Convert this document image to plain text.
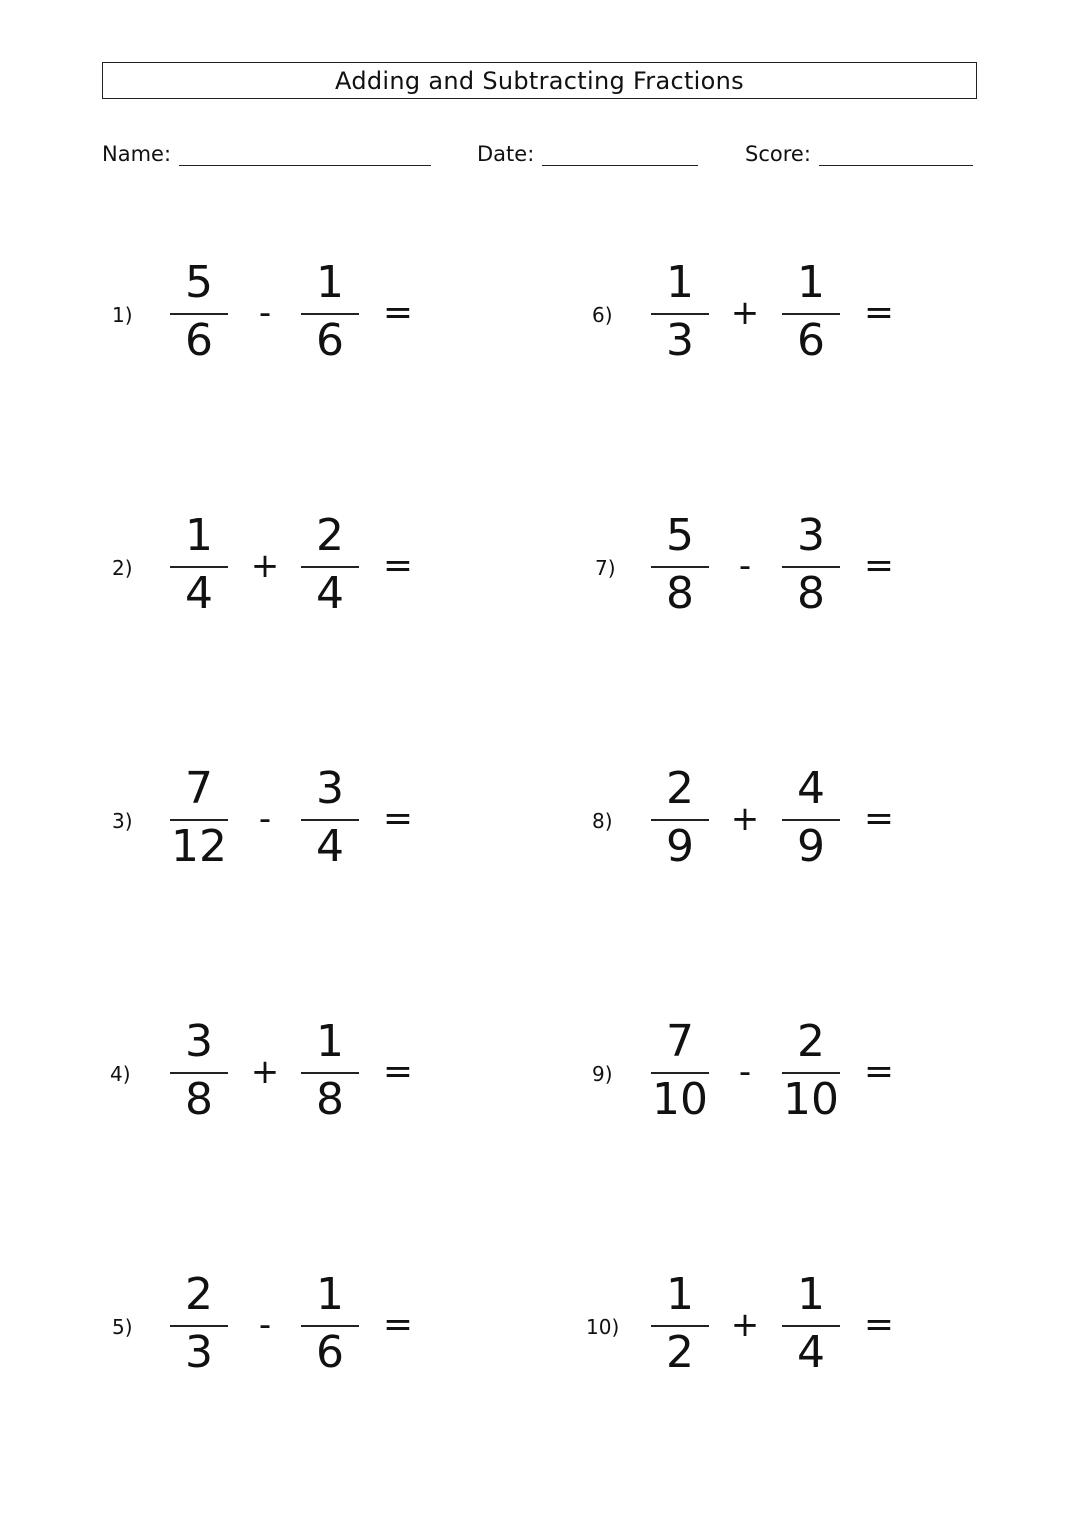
Adding and Subtracting Fractions
Name:	Date:	Score:
1)
5
6
-
1
6
=
2)
1
4
+
2
4
=
3)
7
12
-
3
4
=
4)
3
8
+
1
8
=
5)
2
3
-
1
6
=
6)
1
3
+
1
6
=
7)
5
8
-
3
8
=
8)
2
9
+
4
9
=
9)
7
10
-
2
10
=
10)
1
2
+
1
4
=
